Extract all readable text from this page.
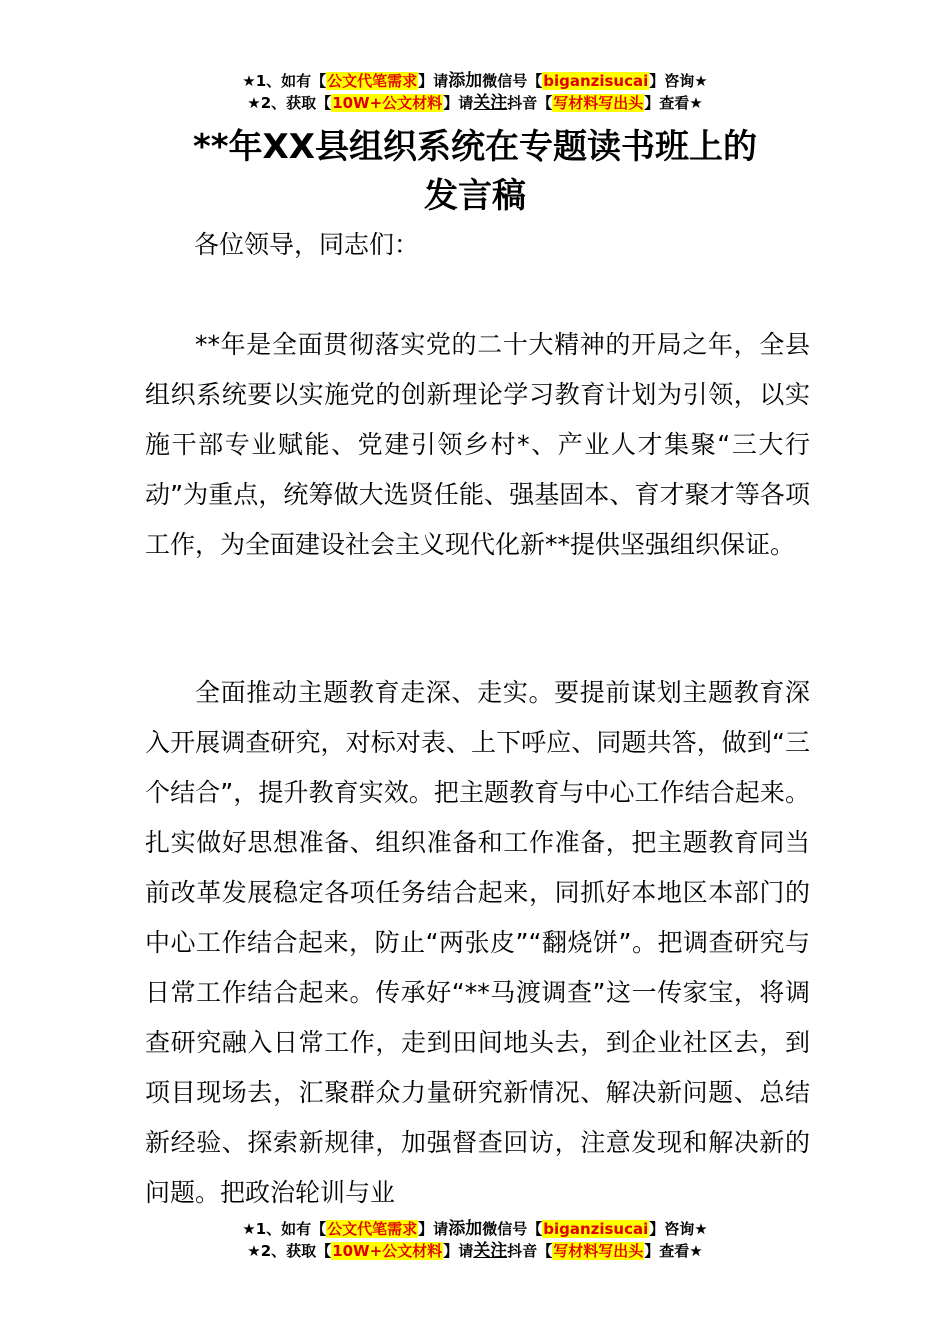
★1、如有【公文代笔需求】请添加微信号【biganzisucai】咨询★
★2、获取【10W+公文材料】请关注抖音【写材料写出头】查看★
**年XX县组织系统在专题读书班上的
发言稿
各位领导，同志们：

**年是全面贯彻落实党的二十大精神的开局之年，全县组织系统要以实施党的创新理论学习教育计划为引领，以实施干部专业赋能、党建引领乡村*、产业人才集聚“三大行动”为重点，统筹做大选贤任能、强基固本、育才聚才等各项工作，为全面建设社会主义现代化新**提供坚强组织保证。

全面推动主题教育走深、走实。要提前谋划主题教育深入开展调查研究，对标对表、上下呼应、同题共答，做到“三个结合”，提升教育实效。把主题教育与中心工作结合起来。扎实做好思想准备、组织准备和工作准备，把主题教育同当前改革发展稳定各项任务结合起来，同抓好本地区本部门的中心工作结合起来，防止“两张皮”“翻烧饼”。把调查研究与日常工作结合起来。传承好“**马渡调查”这一传家宝，将调查研究融入日常工作，走到田间地头去，到企业社区去，到项目现场去，汇聚群众力量研究新情况、解决新问题、总结新经验、探索新规律，加强督查回访，注意发现和解决新的问题。把政治轮训与业

★1、如有【公文代笔需求】请添加微信号【biganzisucai】咨询★
★2、获取【10W+公文材料】请关注抖音【写材料写出头】查看★
